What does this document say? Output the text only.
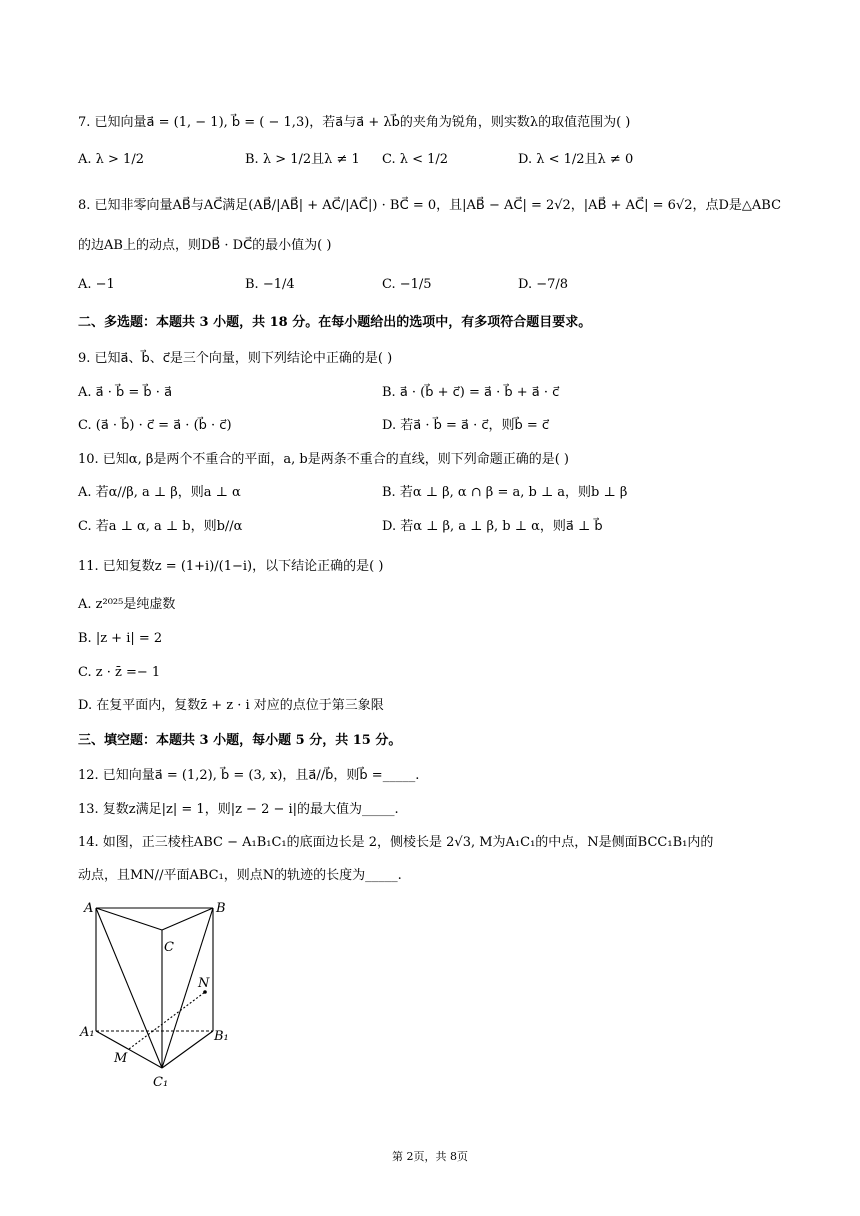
7. 已知向量a⃗ = (1, − 1), b⃗ = ( − 1,3)，若a⃗与a⃗ + λb⃗的夹角为锐角，则实数λ的取值范围为( )
A. λ > 1/2	B. λ > 1/2且λ ≠ 1 C. λ < 1/2	D. λ < 1/2且λ ≠ 0
8. 已知非零向量AB⃗与AC⃗满足(AB⃗/|AB⃗| + AC⃗/|AC⃗|) · BC⃗ = 0，且|AB⃗ − AC⃗| = 2√2，|AB⃗ + AC⃗| = 6√2，点D是△ABC
的边AB上的动点，则DB⃗ · DC⃗的最小值为( )
A. −1	B. −1/4	C. −1/5	D. −7/8
二、多选题：本题共 3 小题，共 18 分。在每小题给出的选项中，有多项符合题目要求。
9. 已知a⃗、b⃗、c⃗是三个向量，则下列结论中正确的是( )
A. a⃗ · b⃗ = b⃗ · a⃗	B. a⃗ · (b⃗ + c⃗) = a⃗ · b⃗ + a⃗ · c⃗
C. (a⃗ · b⃗) · c⃗ = a⃗ · (b⃗ · c⃗)	D. 若a⃗ · b⃗ = a⃗ · c⃗，则b⃗ = c⃗
10. 已知α, β是两个不重合的平面，a, b是两条不重合的直线，则下列命题正确的是( )
A. 若α//β, a ⊥ β，则a ⊥ α	B. 若α ⊥ β, α ∩ β = a, b ⊥ a，则b ⊥ β
C. 若a ⊥ α, a ⊥ b，则b//α	D. 若α ⊥ β, a ⊥ β, b ⊥ α，则a⃗ ⊥ b⃗
11. 已知复数z = (1+i)/(1−i)，以下结论正确的是( )
A. z²⁰²⁵是纯虚数
B. |z + i| = 2
C. z · z̄ =− 1
D. 在复平面内，复数z̄ + z · i 对应的点位于第三象限
三、填空题：本题共 3 小题，每小题 5 分，共 15 分。
12. 已知向量a⃗ = (1,2), b⃗ = (3, x)，且a⃗//b⃗，则b⃗ =_____.
13. 复数z满足|z| = 1，则|z − 2 − i|的最大值为_____.
14. 如图，正三棱柱ABC − A₁B₁C₁的底面边长是 2，侧棱长是 2√3, M为A₁C₁的中点，N是侧面BCC₁B₁内的
动点，且MN//平面ABC₁，则点N的轨迹的长度为_____.
A	B
C
N
A₁	B₁
M
C₁
第 2页，共 8页
